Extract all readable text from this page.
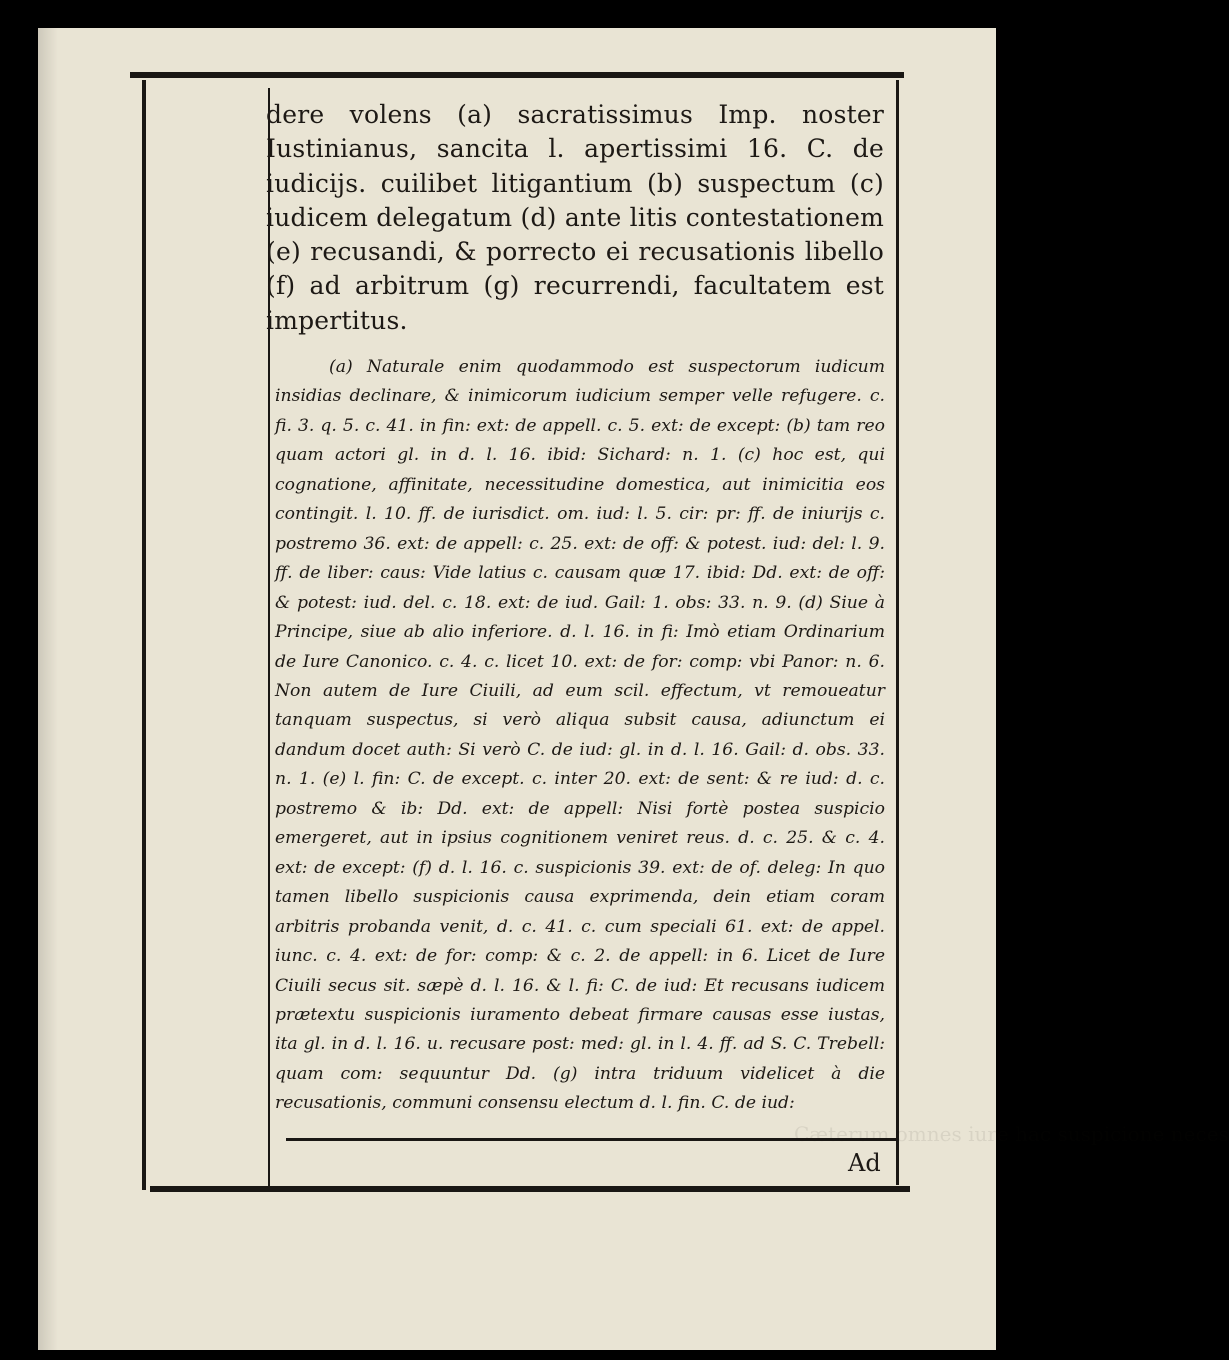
dere volens (a) sacratissimus Imp. noster Iustinianus, sancita l. apertissimi 16. C. de iudicijs. cuilibet litigantium (b) suspectum (c) iudicem delegatum (d) ante litis contestationem (e) recusandi, & porrecto ei recusationis libello (f) ad arbitrum (g) recurrendi, facultatem est impertitus.

(a) Naturale enim quodammodo est suspectorum iudicum insidias declinare, & inimicorum iudicium semper velle refugere. c. fi. 3. q. 5. c. 41. in fin: ext: de appell. c. 5. ext: de except: (b) tam reo quam actori gl. in d. l. 16. ibid: Sichard: n. 1. (c) hoc est, qui cognatione, affinitate, necessitudine domestica, aut inimicitia eos contingit. l. 10. ff. de iurisdict. om. iud: l. 5. cir: pr: ff. de iniurijs c. postremo 36. ext: de appell: c. 25. ext: de off: & potest. iud: del: l. 9. ff. de liber: caus: Vide latius c. causam quæ 17. ibid: Dd. ext: de off: & potest: iud. del. c. 18. ext: de iud. Gail: 1. obs: 33. n. 9. (d) Siue à Principe, siue ab alio inferiore. d. l. 16. in fi: Imò etiam Ordinarium de Iure Canonico. c. 4. c. licet 10. ext: de for: comp: vbi Panor: n. 6. Non autem de Iure Ciuili, ad eum scil. effectum, vt remoueatur tanquam suspectus, si verò aliqua subsit causa, adiunctum ei dandum docet auth: Si verò C. de iud: gl. in d. l. 16. Gail: d. obs. 33. n. 1. (e) l. fin: C. de except. c. inter 20. ext: de sent: & re iud: d. c. postremo & ib: Dd. ext: de appell: Nisi fortè postea suspicio emergeret, aut in ipsius cognitionem veniret reus. d. c. 25. & c. 4. ext: de except: (f) d. l. 16. c. suspicionis 39. ext: de of. deleg: In quo tamen libello suspicionis causa exprimenda, dein etiam coram arbitris probanda venit, d. c. 41. c. cum speciali 61. ext: de appel. iunc. c. 4. ext: de for: comp: & c. 2. de appell: in 6. Licet de Iure Ciuili secus sit. sæpè d. l. 16. & l. fi: C. de iud: Et recusans iudicem prætextu suspicionis iuramento debeat firmare causas esse iustas, ita gl. in d. l. 16. u. recusare post: med: gl. in l. 4. ff. ad S. C. Trebell: quam com: sequuntur Dd. (g) intra triduum videlicet à die recusationis, communi consensu electum d. l. fin. C. de iud:

Cæterum omnes iure hac suspicione neces
Ad
